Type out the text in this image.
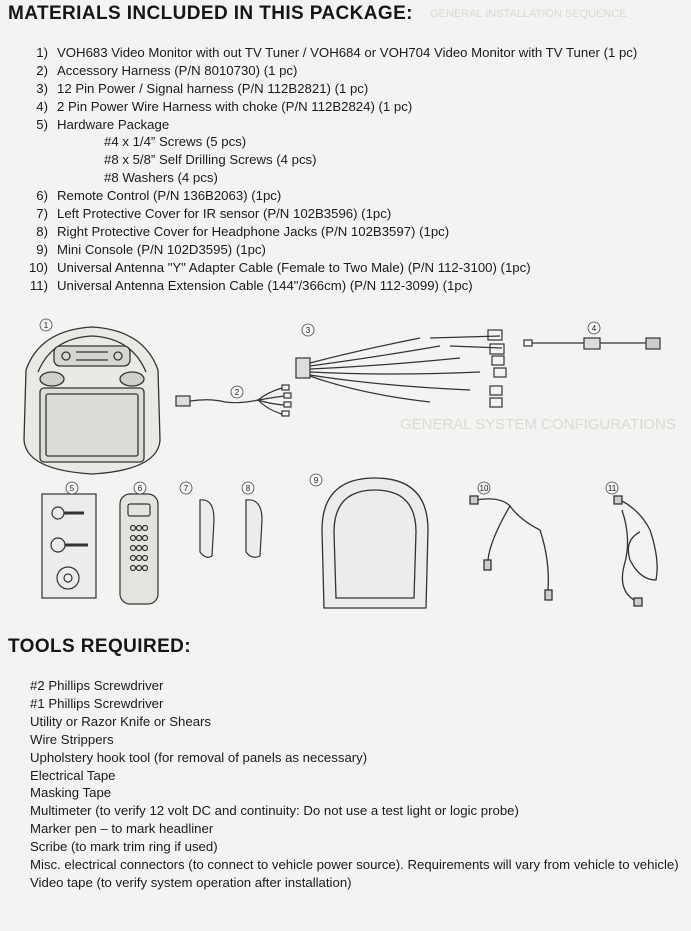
GENERAL INSTALLATION SEQUENCE
GENERAL SYSTEM CONFIGURATIONS
MATERIALS INCLUDED IN THIS PACKAGE:
1) VOH683 Video Monitor with out TV Tuner / VOH684 or VOH704 Video Monitor with TV Tuner (1 pc)
2) Accessory Harness (P/N 8010730) (1 pc)
3) 12 Pin Power / Signal harness (P/N 112B2821) (1 pc)
4) 2 Pin Power Wire Harness with choke (P/N 112B2824) (1 pc)
5) Hardware Package
#4 x 1/4” Screws (5 pcs)
#8 x 5/8” Self Drilling Screws (4 pcs)
#8 Washers (4 pcs)
6) Remote Control (P/N 136B2063) (1pc)
7) Left Protective Cover for IR sensor (P/N 102B3596) (1pc)
8) Right Protective Cover for Headphone Jacks (P/N 102B3597) (1pc)
9) Mini Console (P/N 102D3595) (1pc)
10) Universal Antenna "Y" Adapter Cable (Female to Two Male) (P/N 112-3100) (1pc)
11) Universal Antenna Extension Cable (144"/366cm) (P/N 112-3099) (1pc)
1
2
3	4
5	6	7	8
9
10	11
TOOLS REQUIRED:
#2 Phillips Screwdriver
#1 Phillips Screwdriver
Utility or Razor Knife or Shears
Wire Strippers
Upholstery hook tool (for removal of panels as necessary)
Electrical Tape
Masking Tape
Multimeter (to verify 12 volt DC and continuity: Do not use a test light or logic probe)
Marker pen – to mark headliner
Scribe (to mark trim ring if used)
Misc. electrical connectors (to connect to vehicle power source). Requirements will vary from vehicle to vehicle)
Video tape (to verify system operation after installation)
